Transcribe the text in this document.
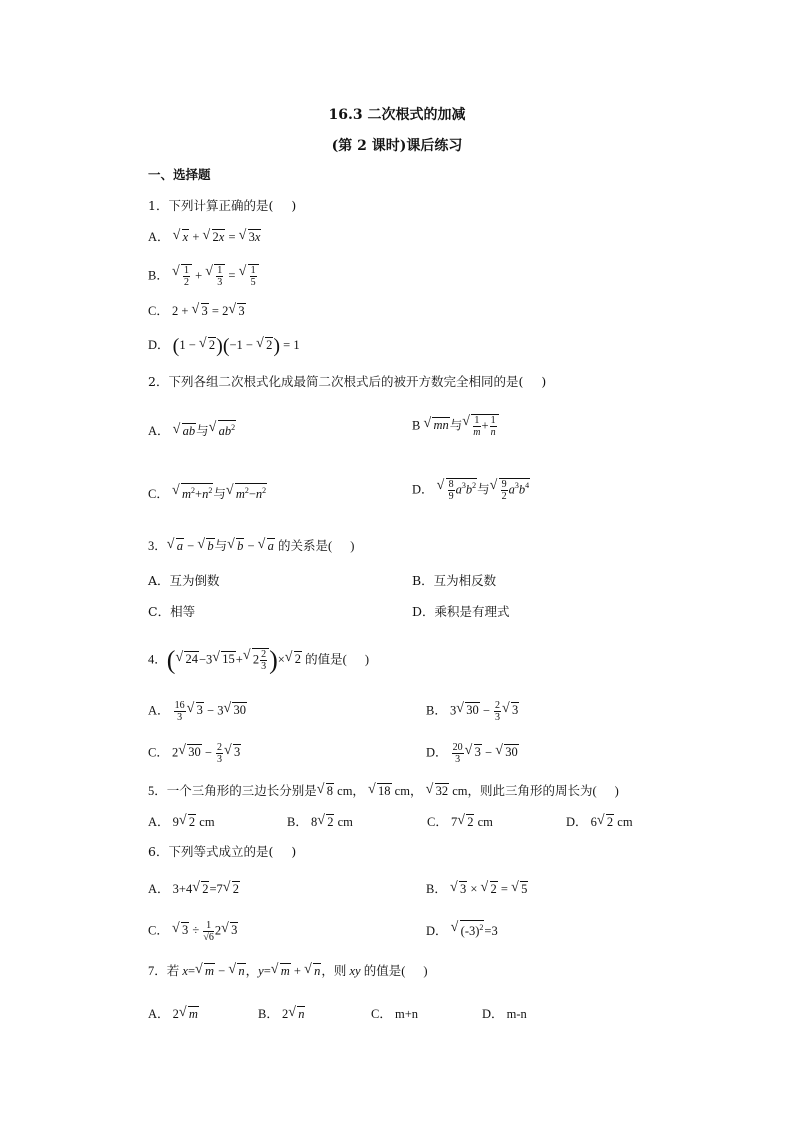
16.3 二次根式的加减
(第 2 课时)课后练习
一、选择题
1．下列计算正确的是( )
A． √ x + √ 2x = √ 3x
B．
√ $\frac{1}{2}$ +
√ $\frac{1}{3}$ =
√ $\frac{1}{5}$
C． 2 + √ 3 = 2√ 3
D． (1 − √ 2)(−1 − √ 2) = 1
2．下列各组二次根式化成最简二次根式后的被开方数完全相同的是( )
A． √ ab与√ $ab^2$	B √ mn与
√ $\frac{1}{m} + \frac{1}{n}$
C． √ $m^2+n^2$与√ $m^2-n^2$	D．
√ $\frac{8}{9} a^3b^2$与
√ $\frac{9}{2} a^3b^4$
3．√ a − √ b与√ b − √ a 的关系是( )
A．互为倒数	B．互为相反数
C．相等	D．乘积是有理式
4．(√ 24−3√ 15+√ $2 \frac{2}{3}$ )×√ 2 的值是( )
A． $\frac{16}{3}$
√ 3 − 3√ 30	B． 3√ $30 - \frac{2}{3}$
√ 3
C． 2√ $30 - \frac{2}{3}$
√ 3	D． $\frac{20}{3}$
√ 3 − √ 30
5．一个三角形的三边长分别是√ 8 cm， √ 18 cm， √ 32 cm，则此三角形的周长为( )
A． 9√ 2 cm	B． 8√ 2 cm	C． 7√ 2 cm	D． 6√ 2 cm
6．下列等式成立的是( )
A． 3+4√ 2=7√ 2	B． √ 3 × √ 2 = √ 5
C． √ $3 \div \frac{1}{√6} 2√$ 3	D． √ $(-3)^2=3$
7．若 x=√ m − √ n，y=√ m + √ n，则 xy 的值是( )
A． 2√ m	B． 2√ n	C． m+n	D． m-n
